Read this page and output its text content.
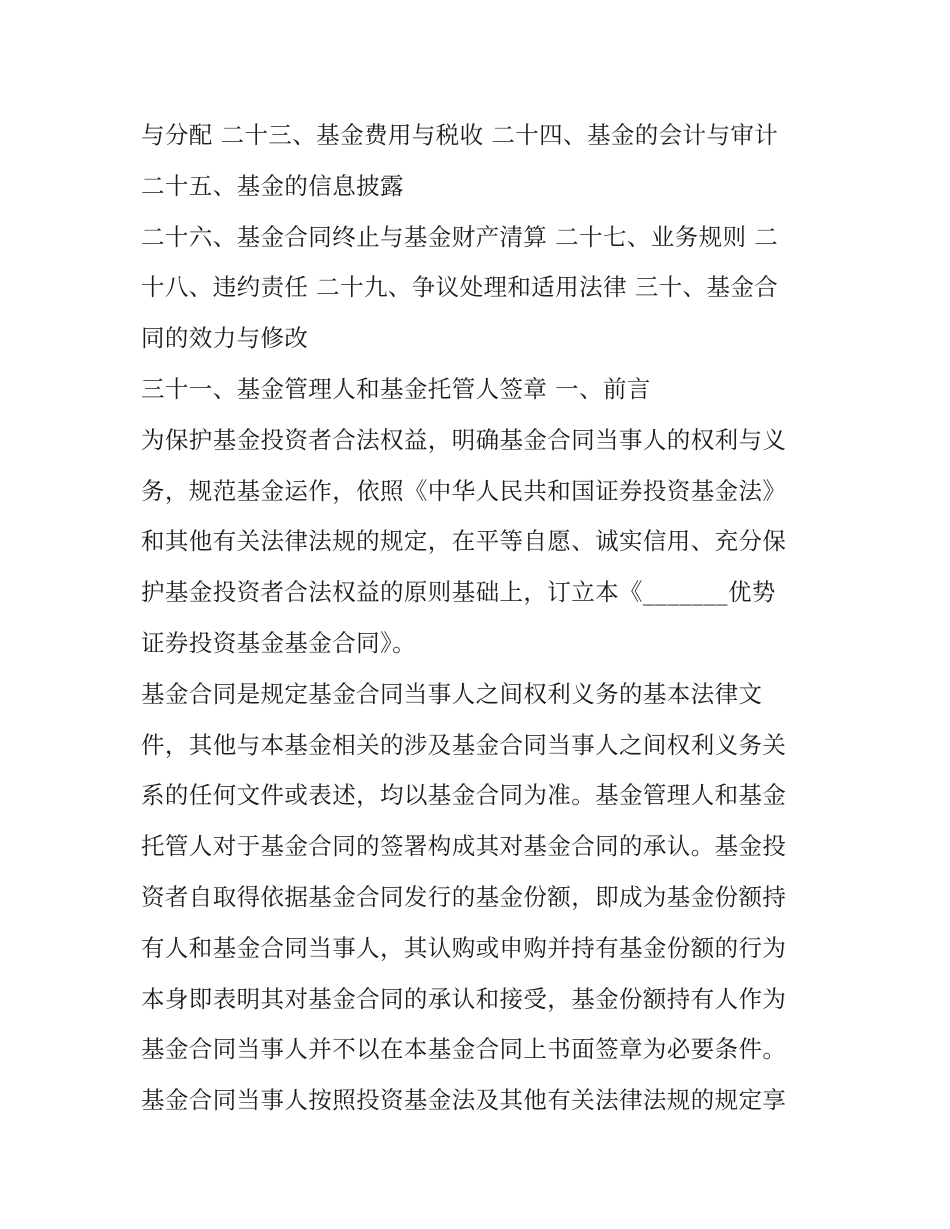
与分配 二十三、基金费用与税收 二十四、基金的会计与审计
二十五、基金的信息披露
二十六、基金合同终止与基金财产清算 二十七、业务规则 二
十八、违约责任 二十九、争议处理和适用法律 三十、基金合
同的效力与修改
三十一、基金管理人和基金托管人签章 一、前言
为保护基金投资者合法权益，明确基金合同当事人的权利与义
务，规范基金运作，依照《中华人民共和国证券投资基金法》
和其他有关法律法规的规定，在平等自愿、诚实信用、充分保
护基金投资者合法权益的原则基础上，订立本《_______优势
证券投资基金基金合同》。
基金合同是规定基金合同当事人之间权利义务的基本法律文
件，其他与本基金相关的涉及基金合同当事人之间权利义务关
系的任何文件或表述，均以基金合同为准。基金管理人和基金
托管人对于基金合同的签署构成其对基金合同的承认。基金投
资者自取得依据基金合同发行的基金份额，即成为基金份额持
有人和基金合同当事人，其认购或申购并持有基金份额的行为
本身即表明其对基金合同的承认和接受，基金份额持有人作为
基金合同当事人并不以在本基金合同上书面签章为必要条件。
基金合同当事人按照投资基金法及其他有关法律法规的规定享
